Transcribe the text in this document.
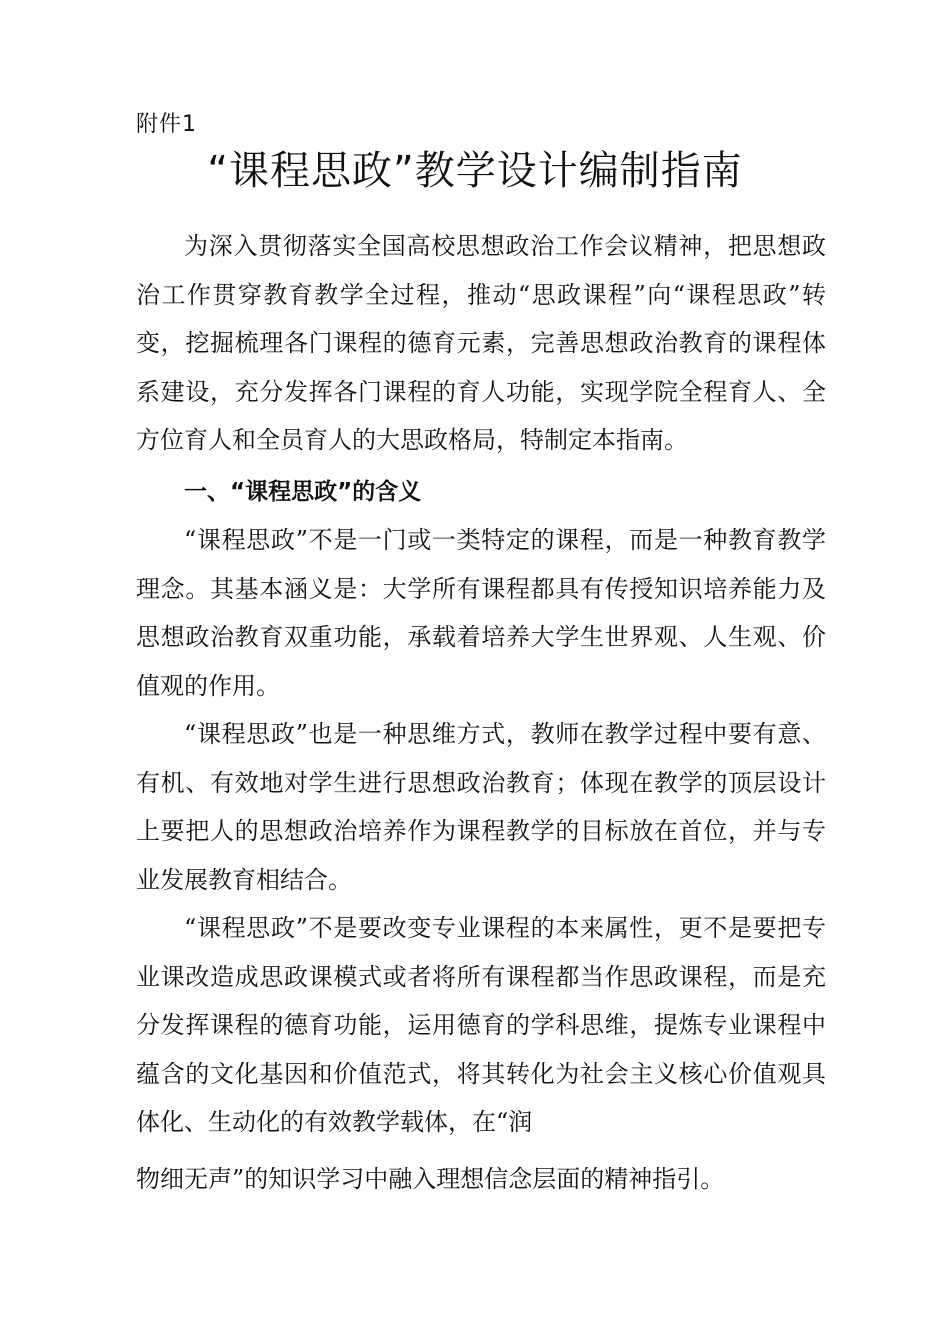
附件1
“课程思政”教学设计编制指南

为深入贯彻落实全国高校思想政治工作会议精神，把思想政治工作贯穿教育教学全过程，推动“思政课程”向“课程思政”转变，挖掘梳理各门课程的德育元素，完善思想政治教育的课程体系建设，充分发挥各门课程的育人功能，实现学院全程育人、全方位育人和全员育人的大思政格局，特制定本指南。

一、“课程思政”的含义

“课程思政”不是一门或一类特定的课程，而是一种教育教学理念。其基本涵义是：大学所有课程都具有传授知识培养能力及思想政治教育双重功能，承载着培养大学生世界观、人生观、价值观的作用。

“课程思政”也是一种思维方式，教师在教学过程中要有意、有机、有效地对学生进行思想政治教育；体现在教学的顶层设计上要把人的思想政治培养作为课程教学的目标放在首位，并与专业发展教育相结合。

“课程思政”不是要改变专业课程的本来属性，更不是要把专业课改造成思政课模式或者将所有课程都当作思政课程，而是充分发挥课程的德育功能，运用德育的学科思维，提炼专业课程中蕴含的文化基因和价值范式，将其转化为社会主义核心价值观具体化、生动化的有效教学载体，在“润

物细无声”的知识学习中融入理想信念层面的精神指引。
